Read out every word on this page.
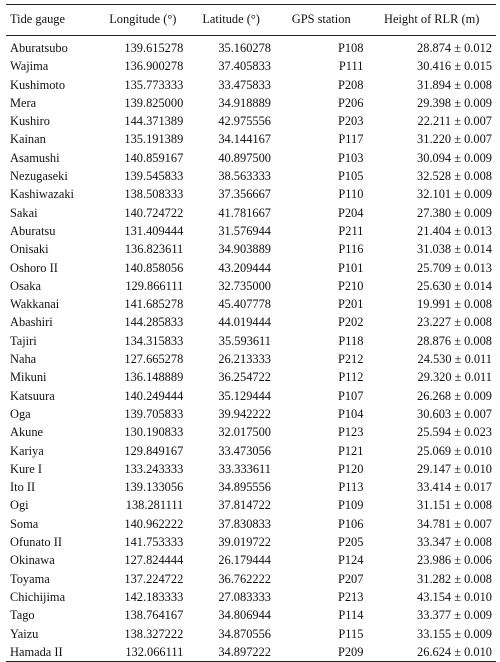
Tide gauge	Longitude (°)	Latitude (°)	GPS station	Height of RLR (m)
Aburatsubo	139.615278	35.160278	P108	28.874 ± 0.012
Wajima	136.900278	37.405833	P111	30.416 ± 0.015
Kushimoto	135.773333	33.475833	P208	31.894 ± 0.008
Mera	139.825000	34.918889	P206	29.398 ± 0.009
Kushiro	144.371389	42.975556	P203	22.211 ± 0.007
Kainan	135.191389	34.144167	P117	31.220 ± 0.007
Asamushi	140.859167	40.897500	P103	30.094 ± 0.009
Nezugaseki	139.545833	38.563333	P105	32.528 ± 0.008
Kashiwazaki	138.508333	37.356667	P110	32.101 ± 0.009
Sakai	140.724722	41.781667	P204	27.380 ± 0.009
Aburatsu	131.409444	31.576944	P211	21.404 ± 0.013
Onisaki	136.823611	34.903889	P116	31.038 ± 0.014
Oshoro II	140.858056	43.209444	P101	25.709 ± 0.013
Osaka	129.866111	32.735000	P210	25.630 ± 0.014
Wakkanai	141.685278	45.407778	P201	19.991 ± 0.008
Abashiri	144.285833	44.019444	P202	23.227 ± 0.008
Tajiri	134.315833	35.593611	P118	28.876 ± 0.008
Naha	127.665278	26.213333	P212	24.530 ± 0.011
Mikuni	136.148889	36.254722	P112	29.320 ± 0.011
Katsuura	140.249444	35.129444	P107	26.268 ± 0.009
Oga	139.705833	39.942222	P104	30.603 ± 0.007
Akune	130.190833	32.017500	P123	25.594 ± 0.023
Kariya	129.849167	33.473056	P121	25.069 ± 0.010
Kure I	133.243333	33.333611	P120	29.147 ± 0.010
Ito II	139.133056	34.895556	P113	33.414 ± 0.017
Ogi	138.281111	37.814722	P109	31.151 ± 0.008
Soma	140.962222	37.830833	P106	34.781 ± 0.007
Ofunato II	141.753333	39.019722	P205	33.347 ± 0.008
Okinawa	127.824444	26.179444	P124	23.986 ± 0.006
Toyama	137.224722	36.762222	P207	31.282 ± 0.008
Chichijima	142.183333	27.083333	P213	43.154 ± 0.010
Tago	138.764167	34.806944	P114	33.377 ± 0.009
Yaizu	138.327222	34.870556	P115	33.155 ± 0.009
Hamada II	132.066111	34.897222	P209	26.624 ± 0.010
